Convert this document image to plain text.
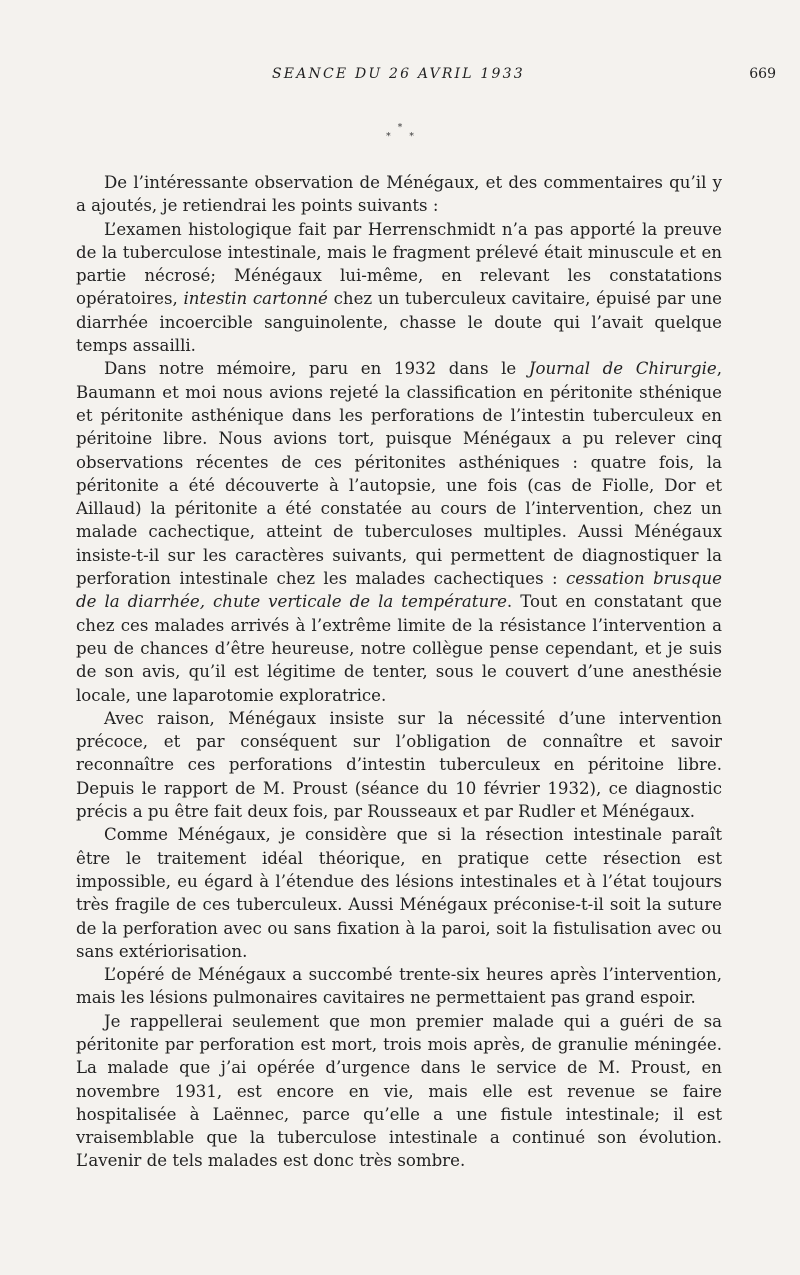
SEANCE DU 26 AVRIL 1933	669
*
* *

De l’intéressante observation de Ménégaux, et des commentaires qu’il y a ajoutés, je retiendrai les points suivants :

L’examen histologique fait par Herrenschmidt n’a pas apporté la preuve de la tuberculose intestinale, mais le fragment prélevé était minuscule et en partie nécrosé; Ménégaux lui-même, en relevant les constatations opératoires, intestin cartonné chez un tuberculeux cavitaire, épuisé par une diarrhée incoercible sanguinolente, chasse le doute qui l’avait quelque temps assailli.

Dans notre mémoire, paru en 1932 dans le Journal de Chirurgie, Baumann et moi nous avions rejeté la classification en péritonite sthénique et péritonite asthénique dans les perforations de l’intestin tuberculeux en péritoine libre. Nous avions tort, puisque Ménégaux a pu relever cinq observations récentes de ces péritonites asthéniques : quatre fois, la péritonite a été découverte à l’autopsie, une fois (cas de Fiolle, Dor et Aillaud) la péritonite a été constatée au cours de l’intervention, chez un malade cachectique, atteint de tuberculoses multiples. Aussi Ménégaux insiste-t-il sur les caractères suivants, qui permettent de diagnostiquer la perforation intestinale chez les malades cachectiques : cessation brusque de la diarrhée, chute verticale de la température. Tout en constatant que chez ces malades arrivés à l’extrême limite de la résistance l’intervention a peu de chances d’être heureuse, notre collègue pense cependant, et je suis de son avis, qu’il est légitime de tenter, sous le couvert d’une anesthésie locale, une laparotomie exploratrice.

Avec raison, Ménégaux insiste sur la nécessité d’une intervention précoce, et par conséquent sur l’obligation de connaître et savoir reconnaître ces perforations d’intestin tuberculeux en péritoine libre. Depuis le rapport de M. Proust (séance du 10 février 1932), ce diagnostic précis a pu être fait deux fois, par Rousseaux et par Rudler et Ménégaux.

Comme Ménégaux, je considère que si la résection intestinale paraît être le traitement idéal théorique, en pratique cette résection est impossible, eu égard à l’étendue des lésions intestinales et à l’état toujours très fragile de ces tuberculeux. Aussi Ménégaux préconise-t-il soit la suture de la perforation avec ou sans fixation à la paroi, soit la fistulisation avec ou sans extériorisation.

L’opéré de Ménégaux a succombé trente-six heures après l’intervention, mais les lésions pulmonaires cavitaires ne permettaient pas grand espoir.

Je rappellerai seulement que mon premier malade qui a guéri de sa péritonite par perforation est mort, trois mois après, de granulie méningée. La malade que j’ai opérée d’urgence dans le service de M. Proust, en novembre 1931, est encore en vie, mais elle est revenue se faire hospitalisée à Laënnec, parce qu’elle a une fistule intestinale; il est vraisemblable que la tuberculose intestinale a continué son évolution. L’avenir de tels malades est donc très sombre.
